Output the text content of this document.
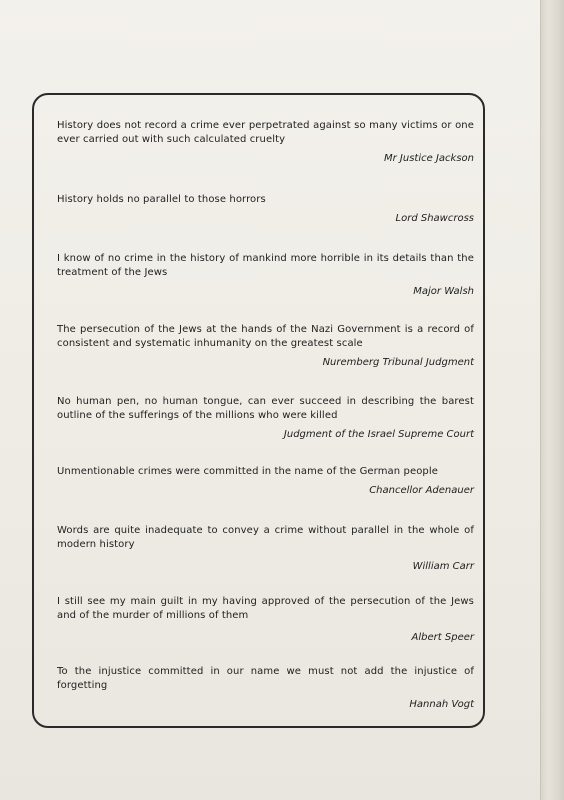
History does not record a crime ever perpetrated against so many victims or one ever carried out with such calculated cruelty

Mr Justice Jackson

History holds no parallel to those horrors

Lord Shawcross

I know of no crime in the history of mankind more horrible in its details than the treatment of the Jews

Major Walsh

The persecution of the Jews at the hands of the Nazi Government is a record of consistent and systematic inhumanity on the greatest scale

Nuremberg Tribunal Judgment

No human pen, no human tongue, can ever succeed in describing the barest outline of the sufferings of the millions who were killed

Judgment of the Israel Supreme Court

Unmentionable crimes were committed in the name of the German people

Chancellor Adenauer

Words are quite inadequate to convey a crime without parallel in the whole of modern history

William Carr

I still see my main guilt in my having approved of the persecution of the Jews and of the murder of millions of them

Albert Speer

To the injustice committed in our name we must not add the injustice of forgetting

Hannah Vogt
